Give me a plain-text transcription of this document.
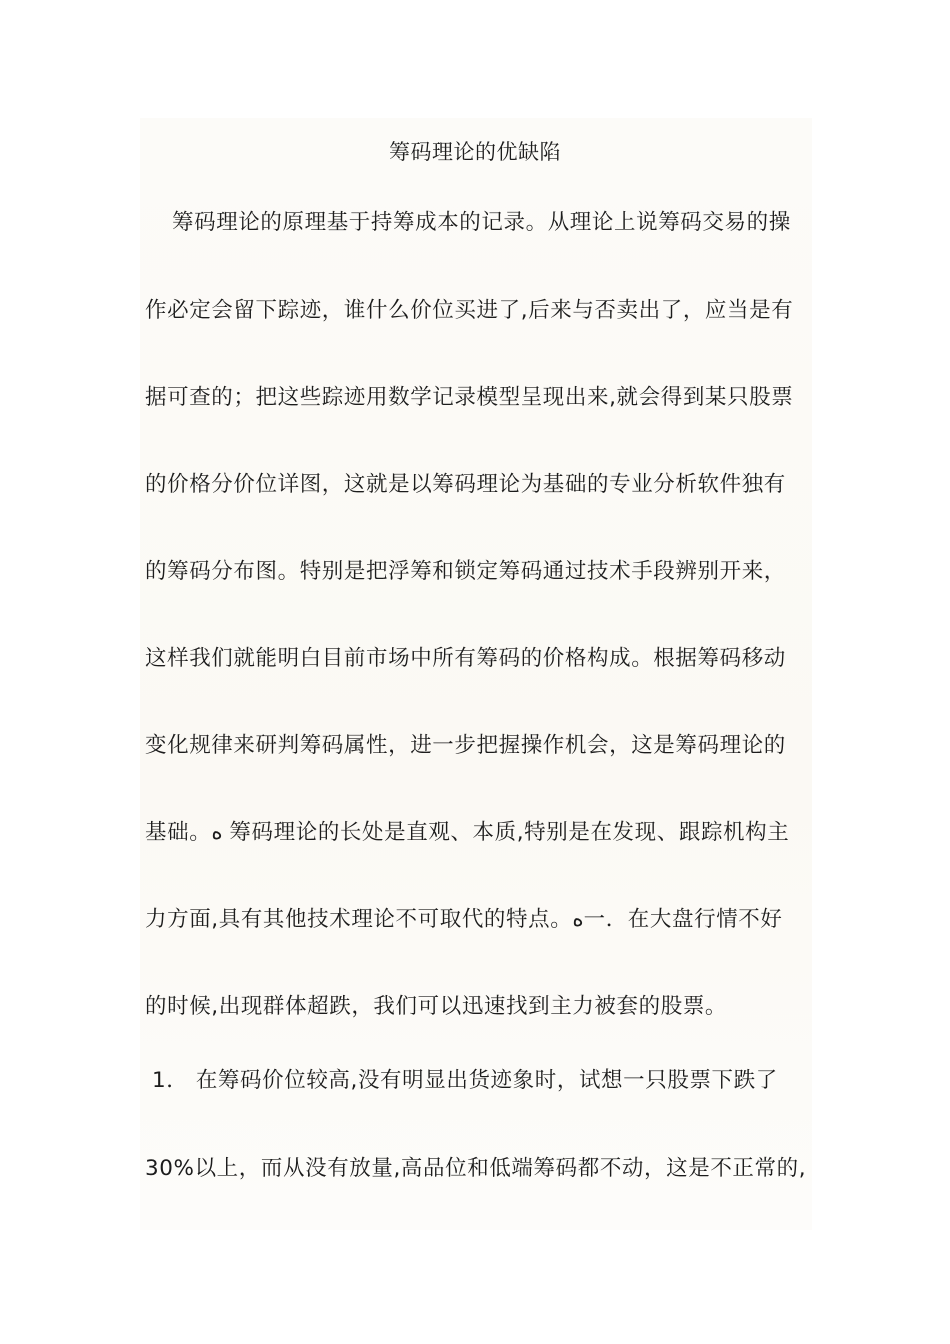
筹码理论的优缺陷
筹码理论的原理基于持筹成本的记录。从理论上说筹码交易的操
作必定会留下踪迹，谁什么价位买进了,后来与否卖出了，应当是有
据可查的；把这些踪迹用数学记录模型呈现出来,就会得到某只股票
的价格分价位详图，这就是以筹码理论为基础的专业分析软件独有
的筹码分布图。特别是把浮筹和锁定筹码通过技术手段辨别开来，
这样我们就能明白目前市场中所有筹码的价格构成。根据筹码移动
变化规律来研判筹码属性，进一步把握操作机会，这是筹码理论的
基础。ﻩ 筹码理论的长处是直观、本质,特别是在发现、跟踪机构主
力方面,具有其他技术理论不可取代的特点。ﻩ一．在大盘行情不好
的时候,出现群体超跌，我们可以迅速找到主力被套的股票。
1． 在筹码价位较高,没有明显出货迹象时，试想一只股票下跌了
30%以上，而从没有放量,高品位和低端筹码都不动，这是不正常的,
